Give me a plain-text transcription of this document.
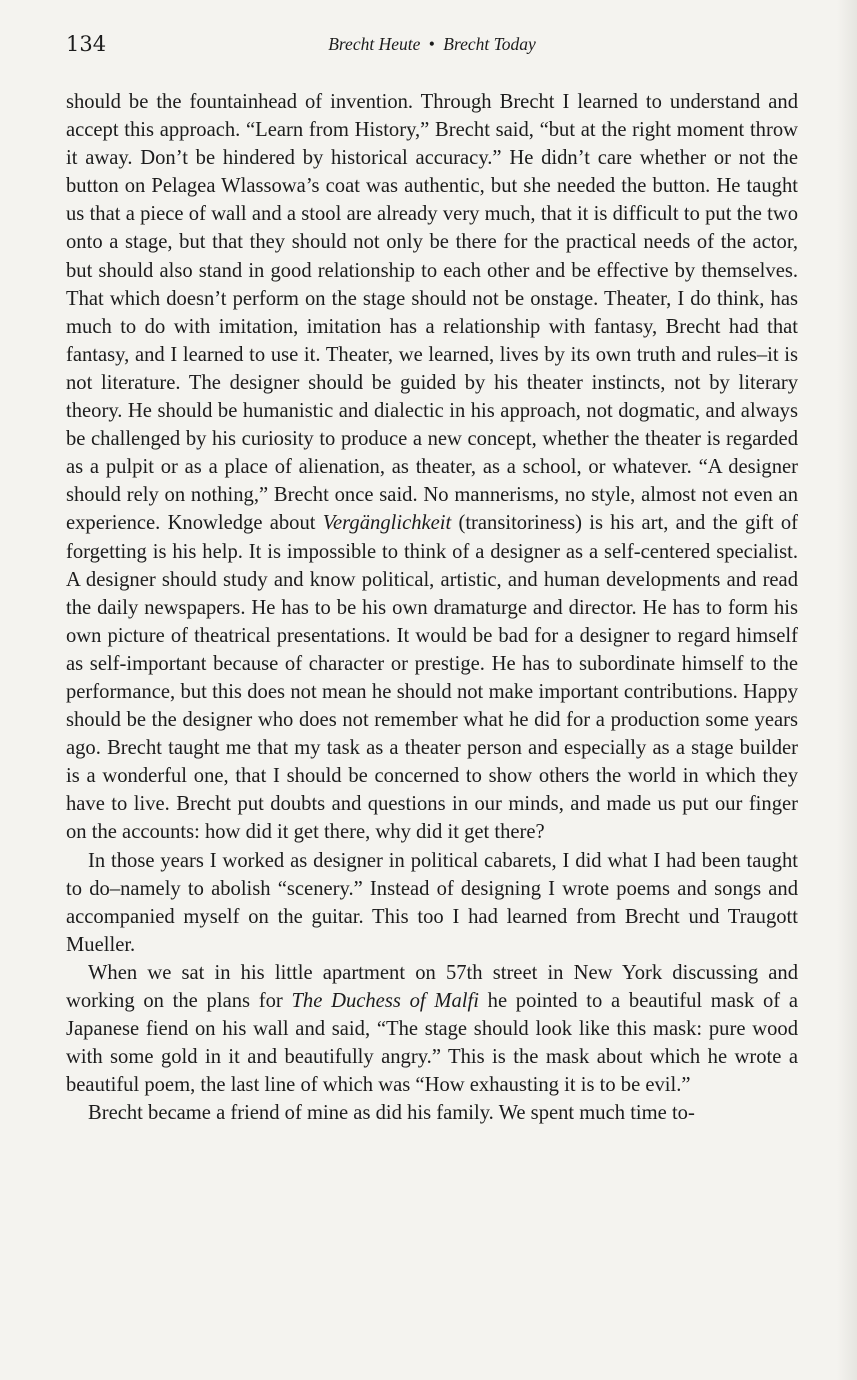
134	Brecht Heute • Brecht Today

should be the fountainhead of invention. Through Brecht I learned to understand and accept this approach. “Learn from History,” Brecht said, “but at the right moment throw it away. Don’t be hindered by historical accuracy.” He didn’t care whether or not the button on Pelagea Wlassowa’s coat was authentic, but she needed the button. He taught us that a piece of wall and a stool are already very much, that it is difficult to put the two onto a stage, but that they should not only be there for the practical needs of the actor, but should also stand in good relationship to each other and be effective by themselves. That which doesn’t perform on the stage should not be onstage. Theater, I do think, has much to do with imitation, imitation has a relationship with fantasy, Brecht had that fantasy, and I learned to use it. Theater, we learned, lives by its own truth and rules–it is not literature. The designer should be guided by his theater instincts, not by literary theory. He should be humanistic and dialectic in his approach, not dogmatic, and always be challenged by his curiosity to produce a new concept, whether the theater is regarded as a pulpit or as a place of alienation, as theater, as a school, or whatever. “A designer should rely on nothing,” Brecht once said. No mannerisms, no style, almost not even an experience. Knowledge about Vergänglichkeit (transitoriness) is his art, and the gift of forgetting is his help. It is impossible to think of a designer as a self-centered specialist. A designer should study and know political, artistic, and human developments and read the daily newspapers. He has to be his own dramaturge and director. He has to form his own picture of theatrical presentations. It would be bad for a designer to regard himself as self-important because of character or prestige. He has to subordinate himself to the performance, but this does not mean he should not make important contributions. Happy should be the designer who does not remember what he did for a production some years ago. Brecht taught me that my task as a theater person and especially as a stage builder is a wonderful one, that I should be concerned to show others the world in which they have to live. Brecht put doubts and questions in our minds, and made us put our finger on the accounts: how did it get there, why did it get there?

In those years I worked as designer in political cabarets, I did what I had been taught to do–namely to abolish “scenery.” Instead of designing I wrote poems and songs and accompanied myself on the guitar. This too I had learned from Brecht und Traugott Mueller.

When we sat in his little apartment on 57th street in New York discussing and working on the plans for The Duchess of Malfi he pointed to a beautiful mask of a Japanese fiend on his wall and said, “The stage should look like this mask: pure wood with some gold in it and beautifully angry.” This is the mask about which he wrote a beautiful poem, the last line of which was “How exhausting it is to be evil.”

Brecht became a friend of mine as did his family. We spent much time to-
